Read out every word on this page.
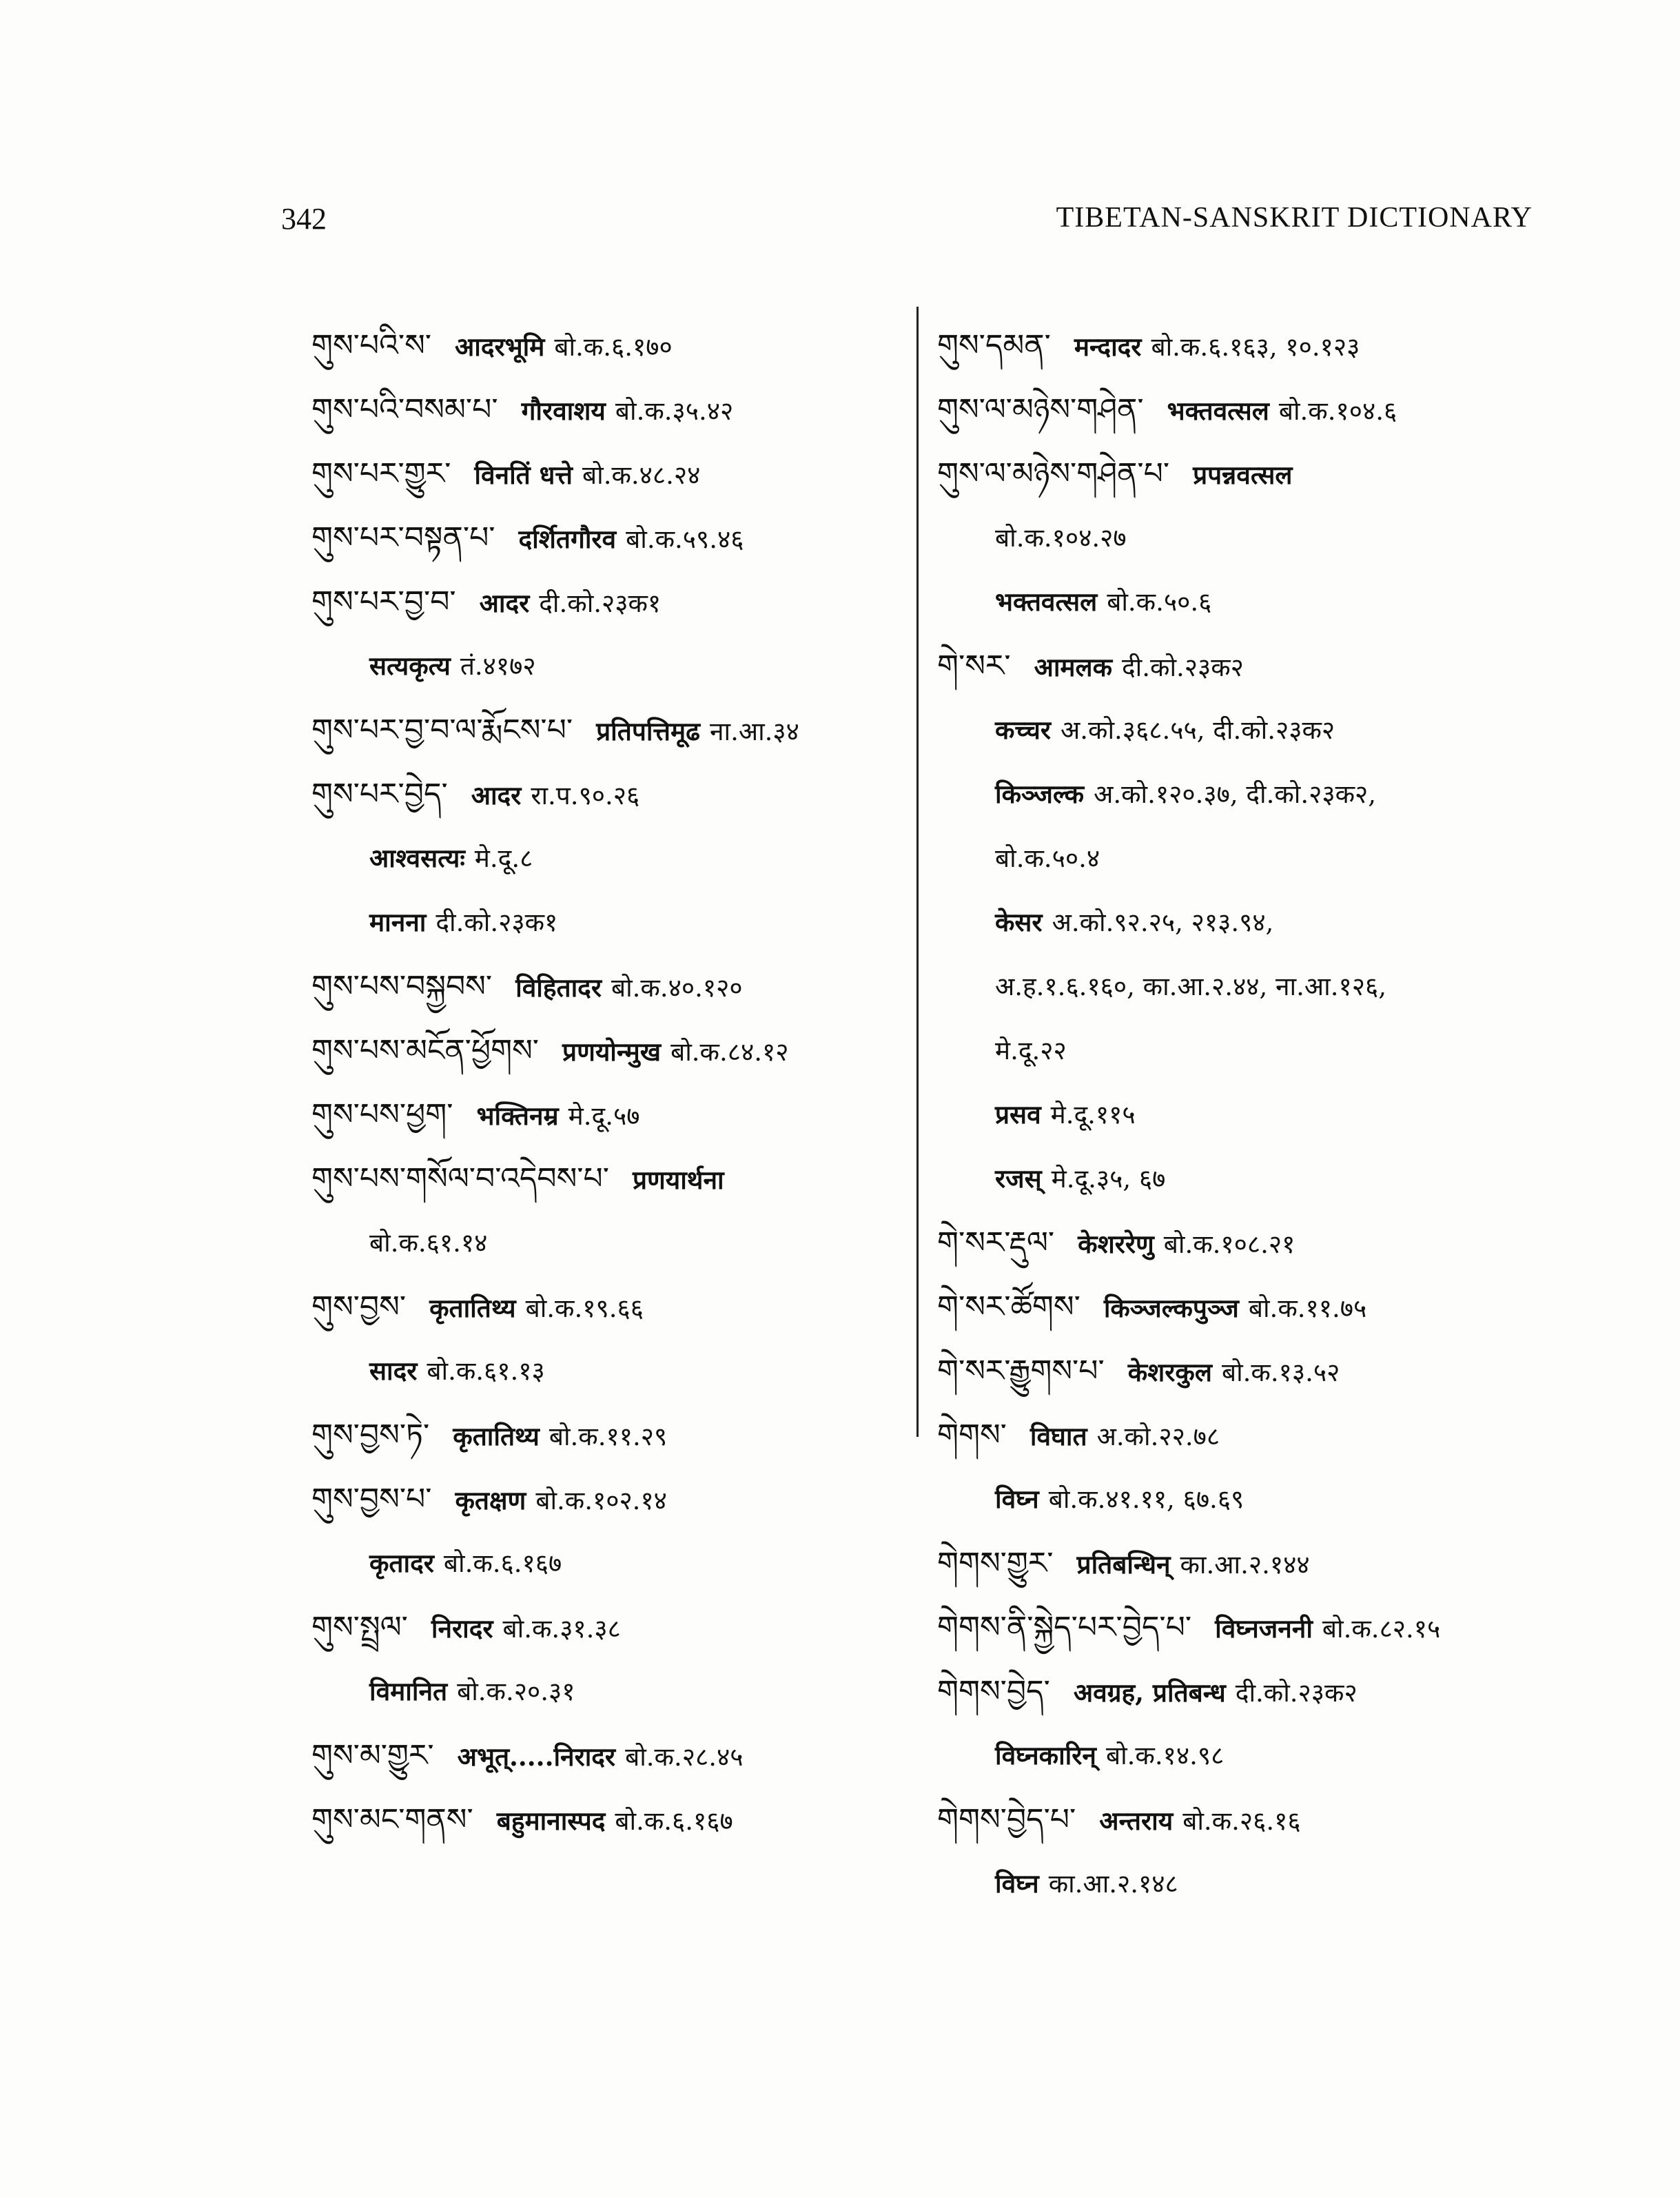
342	TIBETAN-SANSKRIT DICTIONARY
གུས་པའི་ས་ आदरभूमि बो.क.६.१७०
གུས་པའི་བསམ་པ་ गौरवाशय बो.क.३५.४२
གུས་པར་གྱུར་ विनतिं धत्ते बो.क.४८.२४
གུས་པར་བསྟན་པ་ दर्शितगौरव बो.क.५९.४६
གུས་པར་བྱ་བ་ आदर दी.को.२३क१
सत्यकृत्य तं.४१७२
གུས་པར་བྱ་བ་ལ་རྨོངས་པ་ प्रतिपत्तिमूढ ना.आ.३४
གུས་པར་བྱེད་ आदर रा.प.९०.२६
आश्वसत्यः मे.दू.८
मानना दी.को.२३क१
གུས་པས་བསྐྱབས་ विहितादर बो.क.४०.१२०
གུས་པས་མངོན་ཕྱོགས་ प्रणयोन्मुख बो.क.८४.१२
གུས་པས་ཕྱག་ भक्तिनम्र मे.दू.५७
གུས་པས་གསོལ་བ་འདེབས་པ་ प्रणयार्थना
बो.क.६१.१४
གུས་བྱས་ कृतातिथ्य बो.क.१९.६६
सादर बो.क.६१.१३
གུས་བྱས་ཏེ་ कृतातिथ्य बो.क.११.२९
གུས་བྱས་པ་ कृतक्षण बो.क.१०२.१४
कृतादर बो.क.६.१६७
གུས་སྤྲལ་ निरादर बो.क.३१.३८
विमानित बो.क.२०.३१
གུས་མ་གྱུར་ अभूत्.....निरादर बो.क.२८.४५
གུས་མང་གནས་ बहुमानास्पद बो.क.६.१६७
གུས་དམན་ मन्दादर बो.क.६.१६३, १०.१२३
གུས་ལ་མཉེས་གཤེན་ भक्तवत्सल बो.क.१०४.६
གུས་ལ་མཉེས་གཤེན་པ་ प्रपन्नवत्सल
बो.क.१०४.२७
भक्तवत्सल बो.क.५०.६
གེ་སར་ आमलक दी.को.२३क२
कच्चर अ.को.३६८.५५, दी.को.२३क२
किञ्जल्क अ.को.१२०.३७, दी.को.२३क२,
बो.क.५०.४
केसर अ.को.९२.२५, २१३.९४,
अ.ह.१.६.१६०, का.आ.२.४४, ना.आ.१२६,
मे.दू.२२
प्रसव मे.दू.११५
रजस् मे.दू.३५, ६७
གེ་སར་རྡུལ་ केशररेणु बो.क.१०८.२१
གེ་སར་ཚོགས་ किञ्जल्कपुञ्ज बो.क.११.७५
གེ་སར་རྒྱུགས་པ་ केशरकुल बो.क.१३.५२
གེགས་ विघात अ.को.२२.७८
विघ्न बो.क.४१.११, ६७.६९
གེགས་གྱུར་ प्रतिबन्धिन् का.आ.२.१४४
གེགས་ནི་སྐྱེད་པར་བྱེད་པ་ विघ्नजननी बो.क.८२.१५
གེགས་བྱེད་ अवग्रह, प्रतिबन्ध दी.को.२३क२
विघ्नकारिन् बो.क.१४.९८
གེགས་བྱེད་པ་ अन्तराय बो.क.२६.१६
विघ्न का.आ.२.१४८
